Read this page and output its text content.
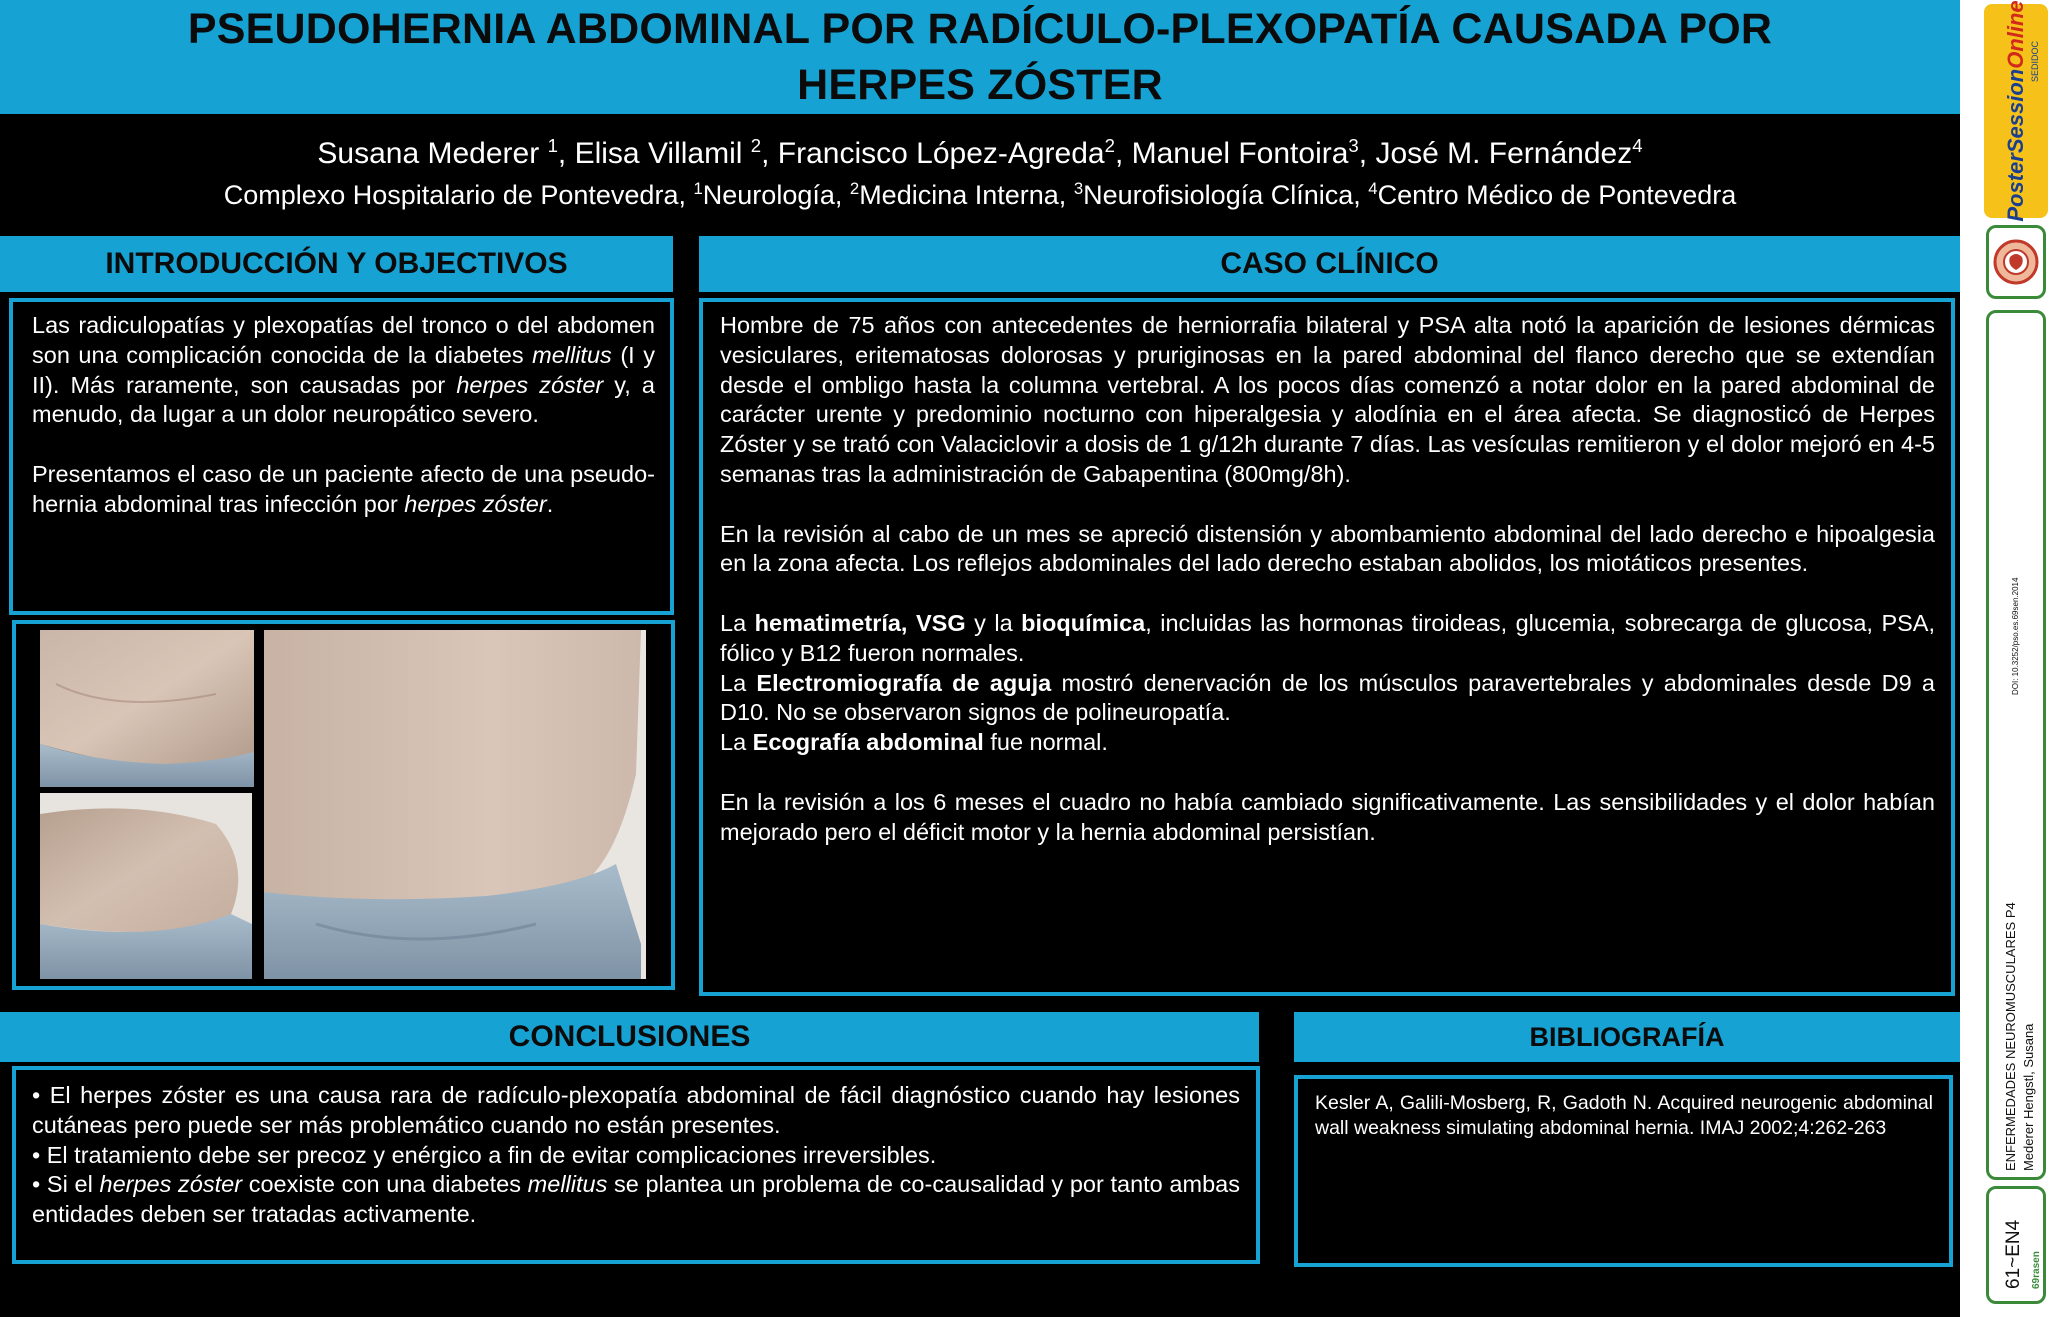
PSEUDOHERNIA ABDOMINAL POR RADÍCULO-PLEXOPATÍA CAUSADA POR
HERPES ZÓSTER
Susana Mederer $^1$, Elisa Villamil $^2$, Francisco López-Agreda$^2$, Manuel Fontoira$^3$, José M. Fernández$^4$
Complexo Hospitalario de Pontevedra, $^1$Neurología, $^2$Medicina Interna, $^3$Neurofisiología Clínica, $^4$Centro Médico de Pontevedra
INTRODUCCIÓN Y OBJECTIVOS

Las radiculopatías y plexopatías del tronco o del abdomen son una complicación conocida de la diabetes mellitus (I y II). Más raramente, son causadas por herpes zóster y, a menudo, da lugar a un dolor neuropático severo.

Presentamos el caso de un paciente afecto de una pseudo-hernia abdominal tras infección por herpes zóster.

CASO CLÍNICO

Hombre de 75 años con antecedentes de herniorrafia bilateral y PSA alta notó la aparición de lesiones dérmicas vesiculares, eritematosas dolorosas y pruriginosas en la pared abdominal del flanco derecho que se extendían desde el ombligo hasta la columna vertebral. A los pocos días comenzó a notar dolor en la pared abdominal de carácter urente y predominio nocturno con hiperalgesia y alodínia en el área afecta. Se diagnosticó de Herpes Zóster y se trató con Valaciclovir a dosis de 1 g/12h durante 7 días. Las vesículas remitieron y el dolor mejoró en 4-5 semanas tras la administración de Gabapentina (800mg/8h).

En la revisión al cabo de un mes se apreció distensión y abombamiento abdominal del lado derecho e hipoalgesia en la zona afecta. Los reflejos abdominales del lado derecho estaban abolidos, los miotáticos presentes.

La hematimetría, VSG y la bioquímica, incluidas las hormonas tiroideas, glucemia, sobrecarga de glucosa, PSA, fólico y B12 fueron normales.

La Electromiografía de aguja mostró denervación de los músculos paravertebrales y abdominales desde D9 a D10. No se observaron signos de polineuropatía.

La Ecografía abdominal fue normal.

En la revisión a los 6 meses el cuadro no había cambiado significativamente. Las sensibilidades y el dolor habían mejorado pero el déficit motor y la hernia abdominal persistían.

CONCLUSIONES

• El herpes zóster es una causa rara de radículo-plexopatía abdominal de fácil diagnóstico cuando hay lesiones cutáneas pero puede ser más problemático cuando no están presentes.

• El tratamiento debe ser precoz y enérgico a fin de evitar complicaciones irreversibles.

• Si el herpes zóster coexiste con una diabetes mellitus se plantea un problema de co-causalidad y por tanto ambas entidades deben ser tratadas activamente.

BIBLIOGRAFÍA
Kesler A, Galili-Mosberg, R, Gadoth N. Acquired neurogenic abdominal wall weakness simulating abdominal hernia. IMAJ 2002;4:262-263
PosterSessionOnline SEDIDOC
DOI: 10.3252/pso.es.69sen.2014
ENFERMEDADES NEUROMUSCULARES P4 Mederer Hengstl, Susana
61~EN4 69rasen
